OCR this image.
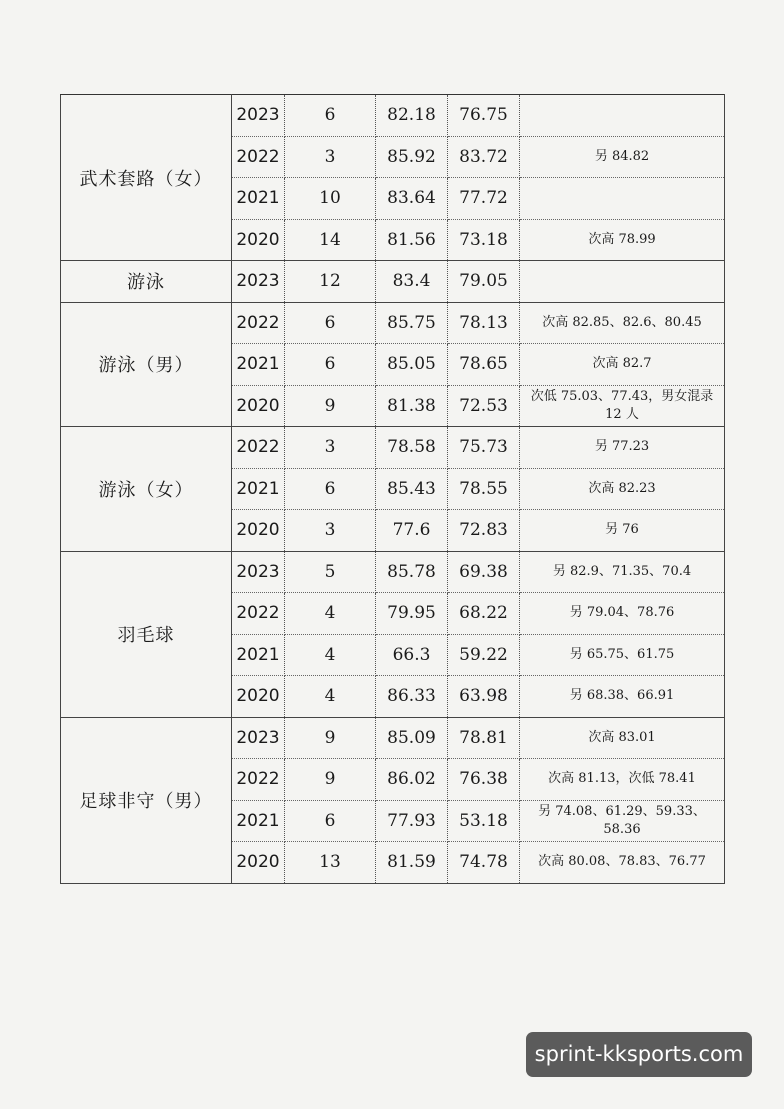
武术套路（女）	2023	6	82.18	76.75	
	2022	3	85.92	83.72	另 84.82
	2021	10	83.64	77.72	
	2020	14	81.56	73.18	次高 78.99
游泳	2023	12	83.4	79.05	
游泳（男）	2022	6	85.75	78.13	次高 82.85、82.6、80.45
	2021	6	85.05	78.65	次高 82.7
	2020	9	81.38	72.53	次低 75.03、77.43，男女混录 12 人
游泳（女）	2022	3	78.58	75.73	另 77.23
	2021	6	85.43	78.55	次高 82.23
	2020	3	77.6	72.83	另 76
羽毛球	2023	5	85.78	69.38	另 82.9、71.35、70.4
	2022	4	79.95	68.22	另 79.04、78.76
	2021	4	66.3	59.22	另 65.75、61.75
	2020	4	86.33	63.98	另 68.38、66.91
足球非守（男）	2023	9	85.09	78.81	次高 83.01
	2022	9	86.02	76.38	次高 81.13，次低 78.41
	2021	6	77.93	53.18	另 74.08、61.29、59.33、58.36
	2020	13	81.59	74.78	次高 80.08、78.83、76.77
sprint-kksports.com
